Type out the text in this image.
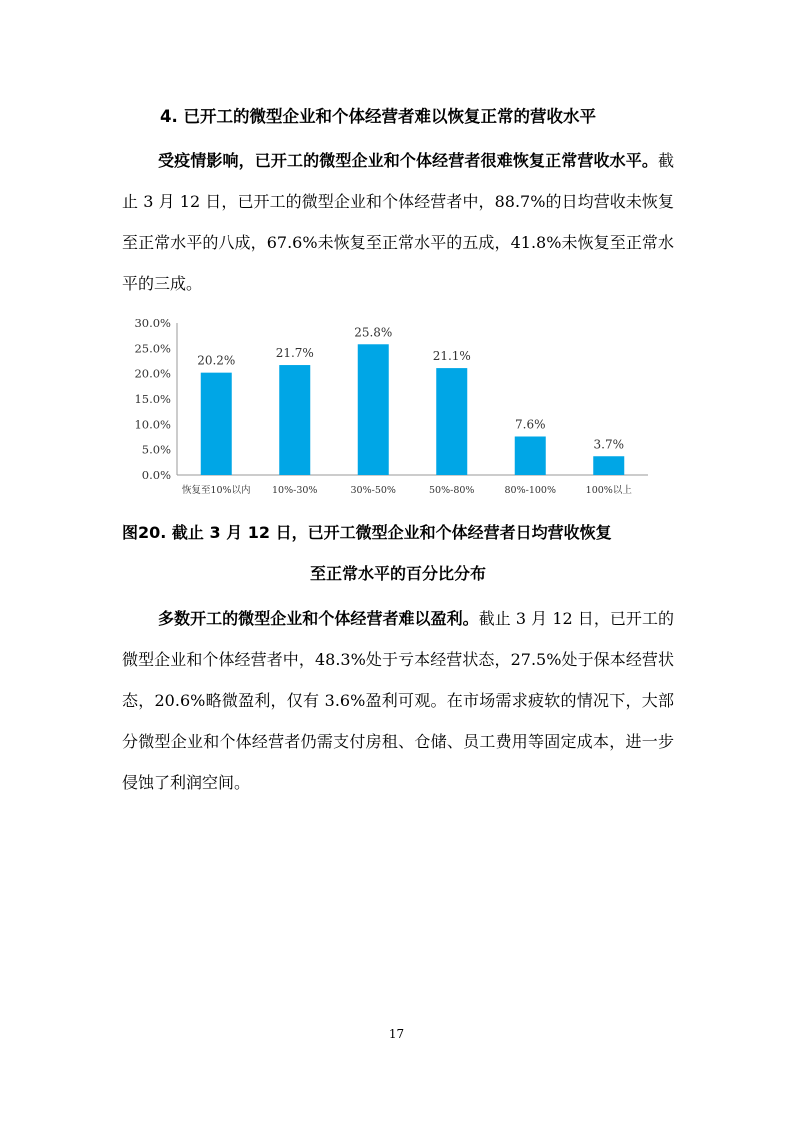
4. 已开工的微型企业和个体经营者难以恢复正常的营收水平

受疫情影响，已开工的微型企业和个体经营者很难恢复正常营收水平。截止 3 月 12 日，已开工的微型企业和个体经营者中，88.7%的日均营收未恢复至正常水平的八成，67.6%未恢复至正常水平的五成，41.8%未恢复至正常水平的三成。

0.0%
5.0%
10.0%
15.0%
20.0%
25.0%
30.0%
20.2%
恢复至10%以内
21.7%
10%-30%
25.8%
30%-50%
21.1%
50%-80%
7.6%
80%-100%
3.7%
100%以上
图20. 截止 3 月 12 日，已开工微型企业和个体经营者日均营收恢复
至正常水平的百分比分布

多数开工的微型企业和个体经营者难以盈利。截止 3 月 12 日，已开工的微型企业和个体经营者中，48.3%处于亏本经营状态，27.5%处于保本经营状态，20.6%略微盈利，仅有 3.6%盈利可观。在市场需求疲软的情况下，大部分微型企业和个体经营者仍需支付房租、仓储、员工费用等固定成本，进一步侵蚀了利润空间。

17
